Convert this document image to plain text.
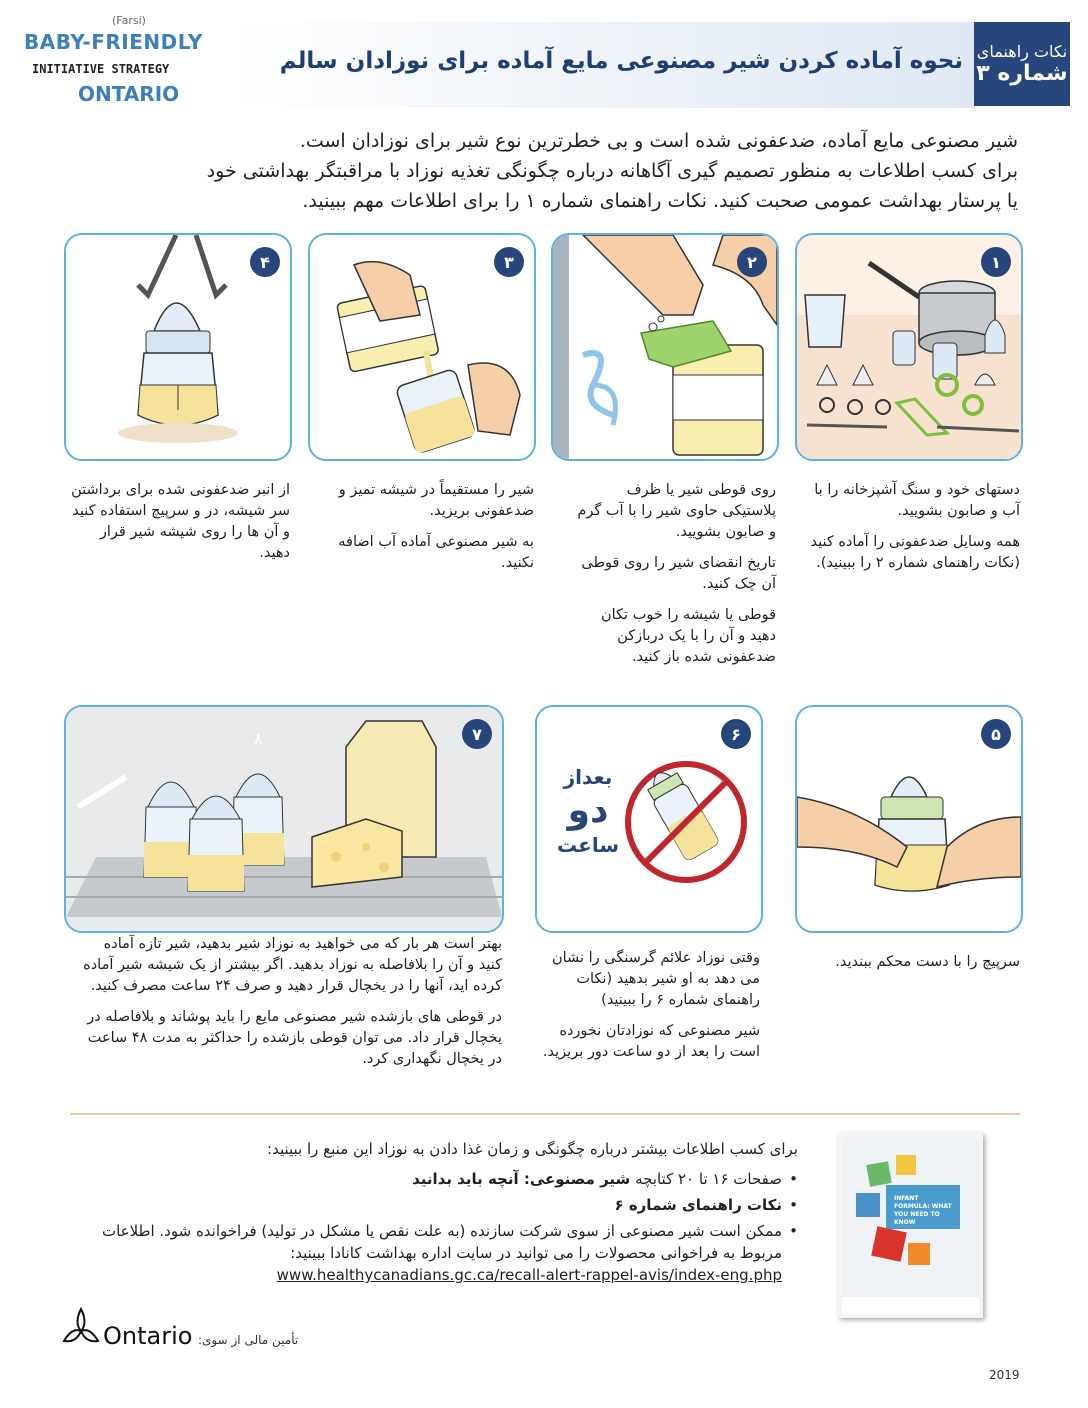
(Farsi)
BABY-FRIENDLY
INITIATIVE STRATEGY
ONTARIO
نحوه آماده کردن شیر مصنوعی مایع آماده برای نوزادان سالم نکات راهنمای
شماره ۳
شیر مصنوعی مایع آماده، ضدعفونی شده است و بی خطرترین نوع شیر برای نوزادان است.
برای کسب اطلاعات به منظور تصمیم گیری آگاهانه درباره چگونگی تغذیه نوزاد با مراقبتگر بهداشتی خود
یا پرستار بهداشت عمومی صحبت کنید. نکات راهنمای شماره ۱ را برای اطلاعات مهم ببینید.
۱

دستهای خود و سنگ آشپزخانه را با آب و صابون بشویید.

همه وسایل ضدعفونی را آماده کنید (نکات راهنمای شماره ۲ را ببینید).

۲

روی قوطی شیر یا ظرف پلاستیکی حاوی شیر را با آب گرم و صابون بشویید.

تاریخ انقضای شیر را روی قوطی آن چک کنید.

قوطی یا شیشه را خوب تکان دهید و آن را با یک دربازکن ضدعفونی شده باز کنید.

۳

شیر را مستقیماً در شیشه تمیز و ضدعفونی بریزید.

به شیر مصنوعی آماده آب اضافه نکنید.

۴

از انبر ضدعفونی شده برای برداشتن سر شیشه، در و سرپیچ استفاده کنید و آن ها را روی شیشه شیر قرار دهید.

۵

سرپیچ را با دست محکم ببندید.

بعداز
دو
ساعت
۶

وقتی نوزاد علائم گرسنگی را نشان می دهد به او شیر بدهید (نکات راهنمای شماره ۶ را ببینید)

شیر مصنوعی که نوزادتان نخورده است را بعد از دو ساعت دور بریزید.

٨	۷

بهتر است هر بار که می خواهید به نوزاد شیر بدهید، شیر تازه آماده کنید و آن را بلافاصله به نوزاد بدهید. اگر بیشتر از یک شیشه شیر آماده کرده اید، آنها را در یخچال قرار دهید و صرف ۲۴ ساعت مصرف کنید.

در قوطی های بازشده شیر مصنوعی مایع را باید پوشاند و بلافاصله در یخچال قرار داد. می توان قوطی بازشده را حداکثر به مدت ۴۸ ساعت در یخچال نگهداری کرد.

برای کسب اطلاعات بیشتر درباره چگونگی و زمان غذا دادن به نوزاد این منبع را ببینید:
• صفحات ۱۶ تا ۲۰ کتابچه شیر مصنوعی: آنچه باید بدانید
• نکات راهنمای شماره ۶
• ممکن است شیر مصنوعی از سوی شرکت سازنده (به علت نقص یا مشکل در تولید) فراخوانده شود. اطلاعات مربوط به فراخوانی محصولات را می توانید در سایت اداره بهداشت کانادا ببینید: www.healthycanadians.gc.ca/recall-alert-rappel-avis/index-eng.php
INFANT FORMULA: WHAT YOU NEED TO KNOW
Ontario تأمین مالی از سوی:
2019
